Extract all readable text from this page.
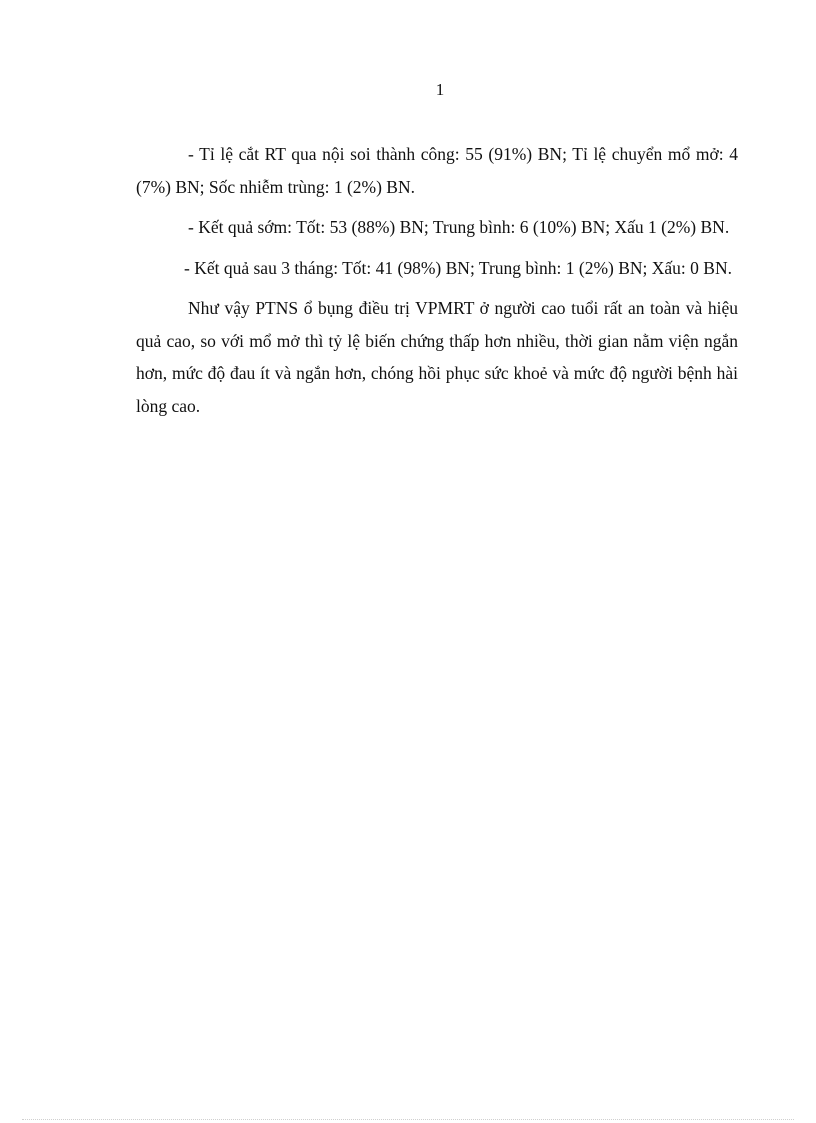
1

- Tỉ lệ cắt RT qua nội soi thành công: 55 (91%) BN; Tỉ lệ chuyển mổ mở: 4 (7%) BN; Sốc nhiễm trùng: 1 (2%) BN.

- Kết quả sớm: Tốt: 53 (88%) BN; Trung bình: 6 (10%) BN; Xấu 1 (2%) BN.

- Kết quả sau 3 tháng: Tốt: 41 (98%) BN; Trung bình: 1 (2%) BN; Xấu: 0 BN.

Như vậy PTNS ổ bụng điều trị VPMRT ở người cao tuổi rất an toàn và hiệu quả cao, so với mổ mở thì tỷ lệ biến chứng thấp hơn nhiều, thời gian nằm viện ngắn hơn, mức độ đau ít và ngắn hơn, chóng hồi phục sức khoẻ và mức độ người bệnh hài lòng cao.
